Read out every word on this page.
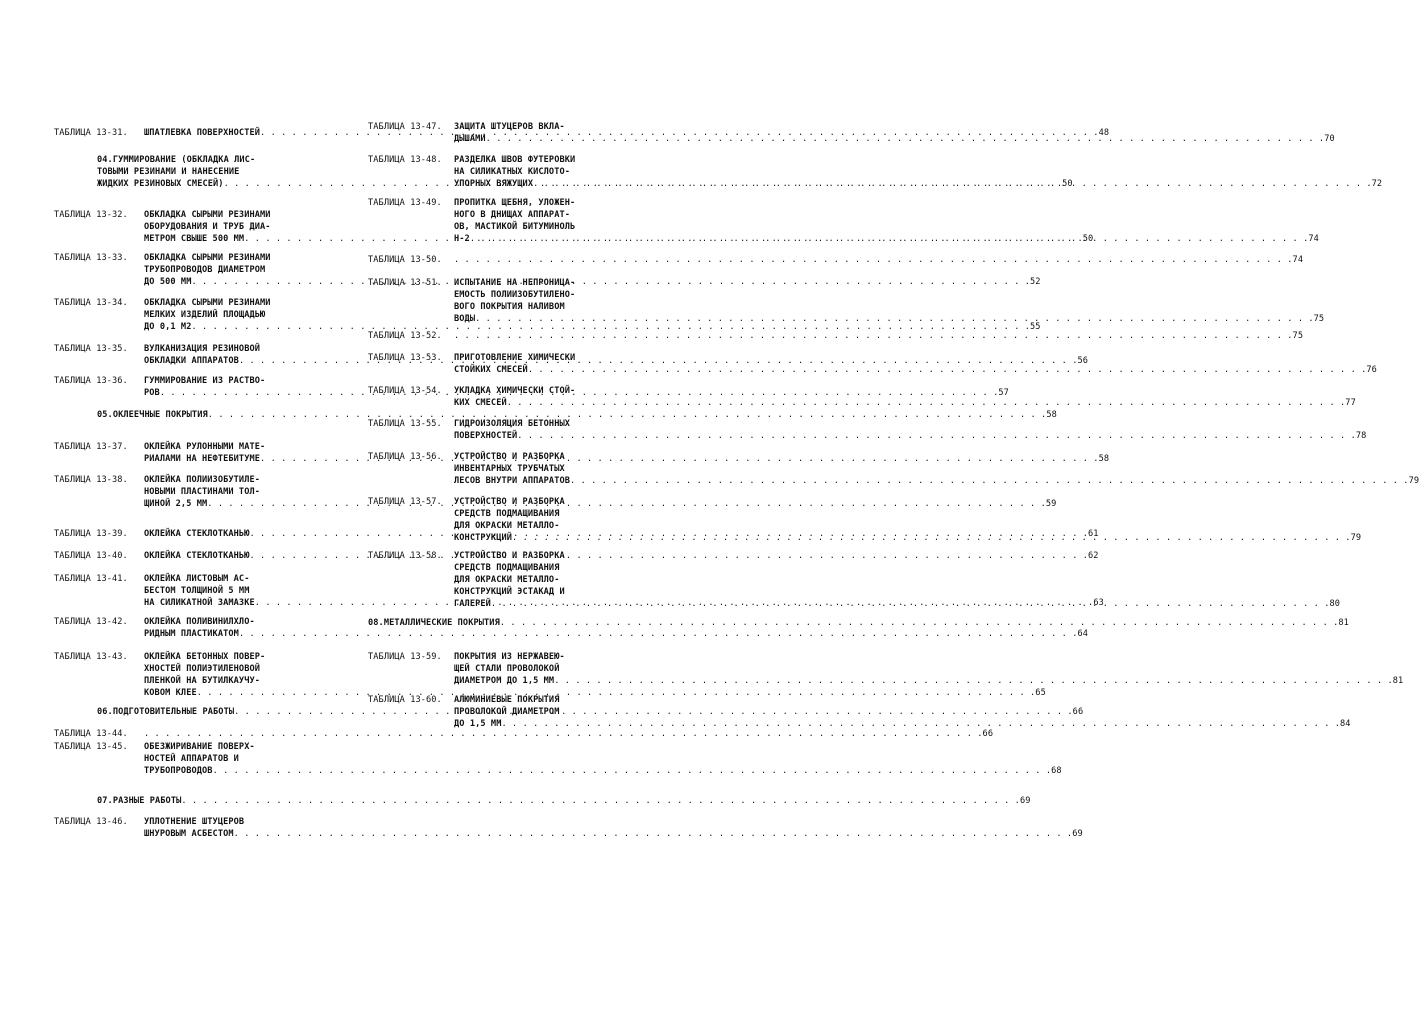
ТАБЛИЦА 13-31.	ШПАТЛЕВКА ПОВЕРХНОСТЕЙ . . .	48
04.ГУММИРОВАНИЕ (ОБКЛАДКА ЛИС-
ТОВЫМИ РЕЗИНАМИ И НАНЕСЕНИЕ
ЖИДКИХ РЕЗИНОВЫХ СМЕСЕЙ) . . .	50
ТАБЛИЦА 13-32.	ОБКЛАДКА СЫРЫМИ РЕЗИНАМИ
ОБОРУДОВАНИЯ И ТРУБ ДИА-
МЕТРОМ СВЫШЕ 500 ММ . . .	50
ТАБЛИЦА 13-33.	ОБКЛАДКА СЫРЫМИ РЕЗИНАМИ
ТРУБОПРОВОДОВ ДИАМЕТРОМ
ДО 500 ММ . . .	52
ТАБЛИЦА 13-34.	ОБКЛАДКА СЫРЫМИ РЕЗИНАМИ
МЕЛКИХ ИЗДЕЛИЙ ПЛОЩАДЬЮ
ДО 0,1 М2 . . .	55
ТАБЛИЦА 13-35.	ВУЛКАНИЗАЦИЯ РЕЗИНОВОЙ
ОБКЛАДКИ АППАРАТОВ . . .	56
ТАБЛИЦА 13-36.	ГУММИРОВАНИЕ ИЗ РАСТВО-
РОВ . . .	57
05.ОКЛЕЕЧНЫЕ ПОКРЫТИЯ . . .	58
ТАБЛИЦА 13-37.	ОКЛЕЙКА РУЛОННЫМИ МАТЕ-
РИАЛАМИ НА НЕФТЕБИТУМЕ . . .	58
ТАБЛИЦА 13-38.	ОКЛЕЙКА ПОЛИИЗОБУТИЛЕ-
НОВЫМИ ПЛАСТИНАМИ ТОЛ-
ЩИНОЙ 2,5 ММ . . .	59
ТАБЛИЦА 13-39.	ОКЛЕЙКА СТЕКЛОТКАНЬЮ . . .	61
ТАБЛИЦА 13-40.	ОКЛЕЙКА СТЕКЛОТКАНЬЮ . . .	62
ТАБЛИЦА 13-41.	ОКЛЕЙКА ЛИСТОВЫМ АС-
БЕСТОМ ТОЛЩИНОЙ 5 ММ
НА СИЛИКАТНОЙ ЗАМАЗКЕ . . .	63
ТАБЛИЦА 13-42.	ОКЛЕЙКА ПОЛИВИНИЛХЛО-
РИДНЫМ ПЛАСТИКАТОМ . . .	64
ТАБЛИЦА 13-43.	ОКЛЕЙКА БЕТОННЫХ ПОВЕР-
ХНОСТЕЙ ПОЛИЭТИЛЕНОВОЙ
ПЛЕНКОЙ НА БУТИЛКАУЧУ-
КОВОМ КЛЕЕ . . .	65
06.ПОДГОТОВИТЕЛЬНЫЕ РАБОТЫ . . .	66
ТАБЛИЦА 13-44. . . .	66
ТАБЛИЦА 13-45.	ОБЕЗЖИРИВАНИЕ ПОВЕРХ-
НОСТЕЙ АППАРАТОВ И
ТРУБОПРОВОДОВ . . .	68
07.РАЗНЫЕ РАБОТЫ . . .	69
ТАБЛИЦА 13-46.	УПЛОТНЕНИЕ ШТУЦЕРОВ
ШНУРОВЫМ АСБЕСТОМ . . .	69
ТАБЛИЦА 13-47.	ЗАЩИТА ШТУЦЕРОВ ВКЛА-
ДЫШАМИ . . .	70
ТАБЛИЦА 13-48.	РАЗДЕЛКА ШВОВ ФУТЕРОВКИ
НА СИЛИКАТНЫХ КИСЛОТО-
УПОРНЫХ ВЯЖУЩИХ . . .	72
ТАБЛИЦА 13-49.	ПРОПИТКА ЩЕБНЯ, УЛОЖЕН-
НОГО В ДНИЩАХ АППАРАТ-
ОВ, МАСТИКОЙ БИТУМИНОЛЬ
Н-2 . . .	74
ТАБЛИЦА 13-50. . . .	74
ТАБЛИЦА 13-51.	ИСПЫТАНИЕ НА НЕПРОНИЦА-
ЕМОСТЬ ПОЛИИЗОБУТИЛЕНО-
ВОГО ПОКРЫТИЯ НАЛИВОМ
ВОДЫ . . .	75
ТАБЛИЦА 13-52. . . .	75
ТАБЛИЦА 13-53.	ПРИГОТОВЛЕНИЕ ХИМИЧЕСКИ
СТОЙКИХ СМЕСЕЙ . . .	76
ТАБЛИЦА 13-54.	УКЛАДКА ХИМИЧЕСКИ СТОЙ-
КИХ СМЕСЕЙ . . .	77
ТАБЛИЦА 13-55.	ГИДРОИЗОЛЯЦИЯ БЕТОННЫХ
ПОВЕРХНОСТЕЙ . . .	78
ТАБЛИЦА 13-56.	УСТРОЙСТВО И РАЗБОРКА
ИНВЕНТАРНЫХ ТРУБЧАТЫХ
ЛЕСОВ ВНУТРИ АППАРАТОВ . . .	79
ТАБЛИЦА 13-57.	УСТРОЙСТВО И РАЗБОРКА
СРЕДСТВ ПОДМАЩИВАНИЯ
ДЛЯ ОКРАСКИ МЕТАЛЛО-
КОНСТРУКЦИЙ . . .	79
ТАБЛИЦА 13-58.	УСТРОЙСТВО И РАЗБОРКА
СРЕДСТВ ПОДМАЩИВАНИЯ
ДЛЯ ОКРАСКИ МЕТАЛЛО-
КОНСТРУКЦИЙ ЭСТАКАД И
ГАЛЕРЕЙ . . .	80
08.МЕТАЛЛИЧЕСКИЕ ПОКРЫТИЯ . . .	81
ТАБЛИЦА 13-59.	ПОКРЫТИЯ ИЗ НЕРЖАВЕЮ-
ЩЕЙ СТАЛИ ПРОВОЛОКОЙ
ДИАМЕТРОМ ДО 1,5 ММ . . .	81
ТАБЛИЦА 13-60.	АЛЮМИНИЕВЫЕ ПОКРЫТИЯ
ПРОВОЛОКОЙ ДИАМЕТРОМ
ДО 1,5 ММ . . .	84
